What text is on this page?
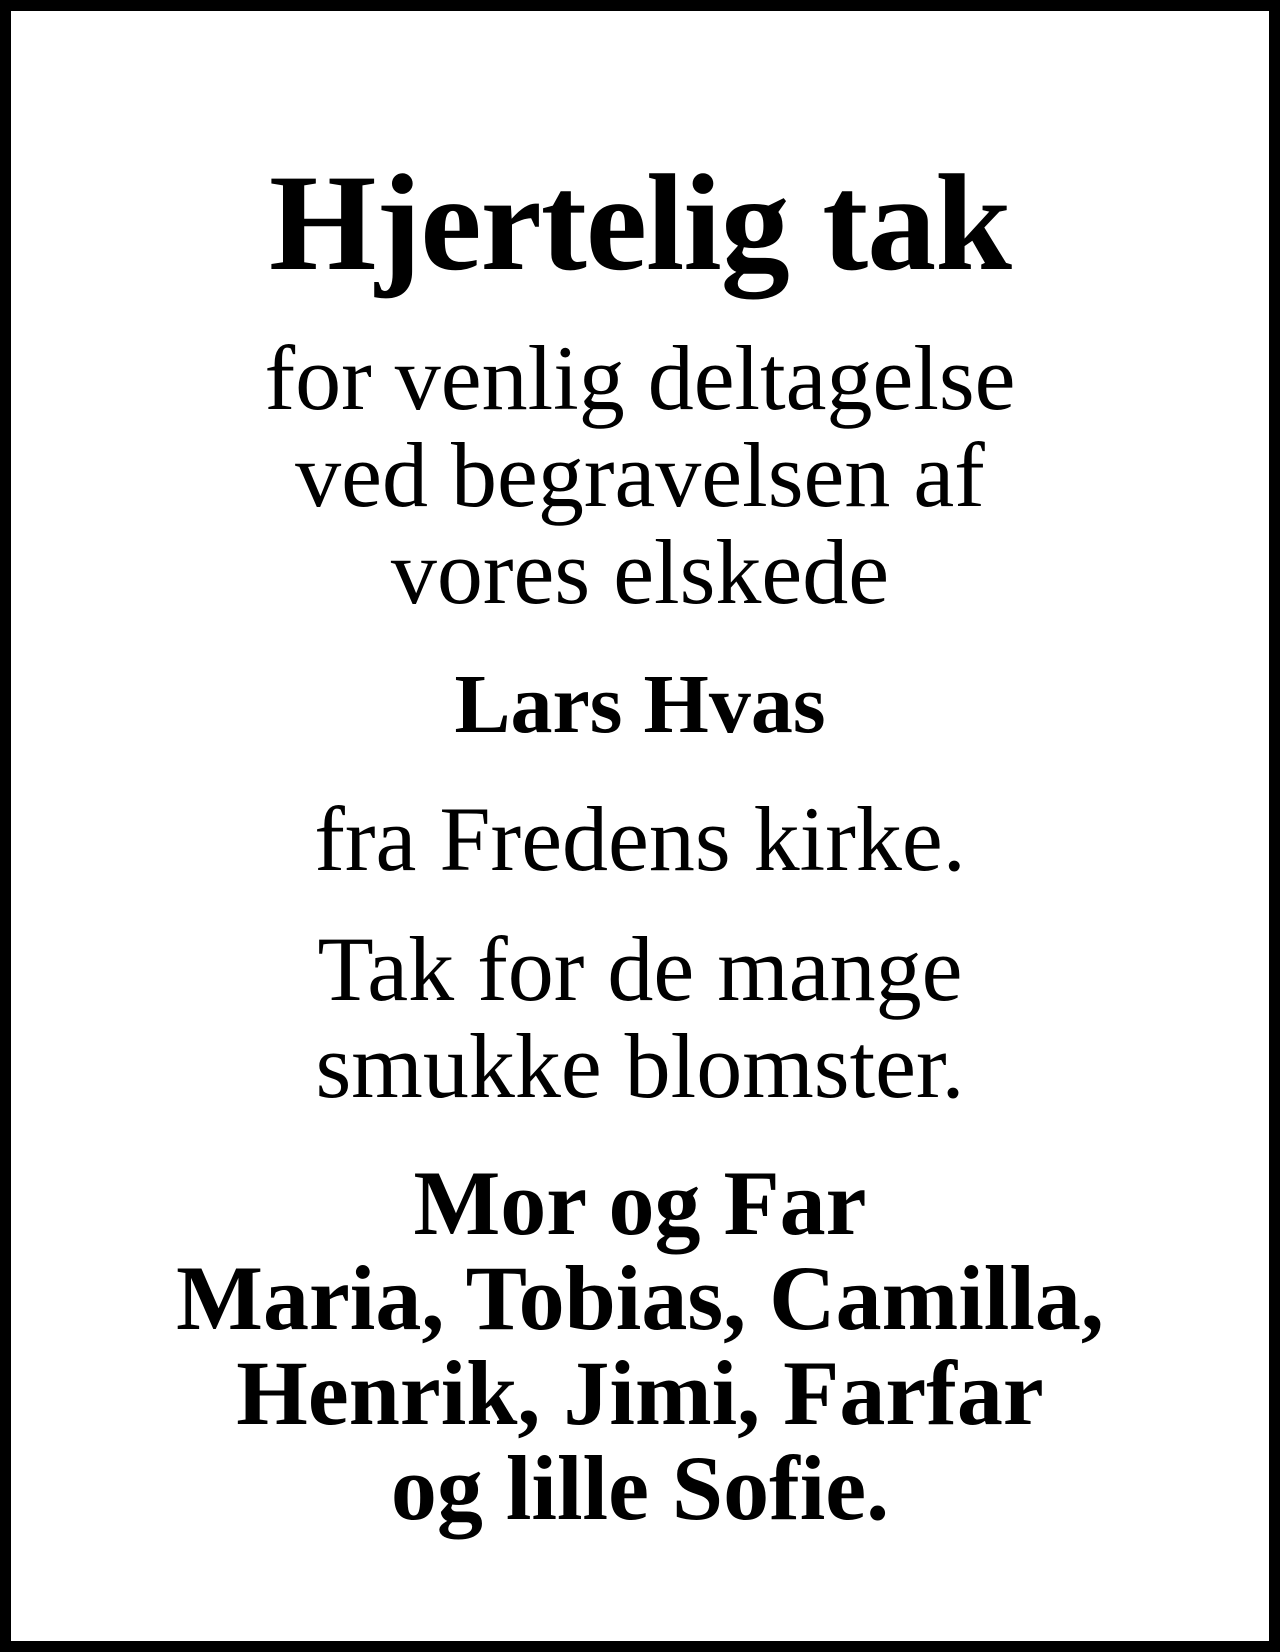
Hjertelig tak
for venlig deltagelse
ved begravelsen af
vores elskede
Lars Hvas
fra Fredens kirke.
Tak for de mange
smukke blomster.
Mor og Far
Maria, Tobias, Camilla,
Henrik, Jimi, Farfar
og lille Sofie.
